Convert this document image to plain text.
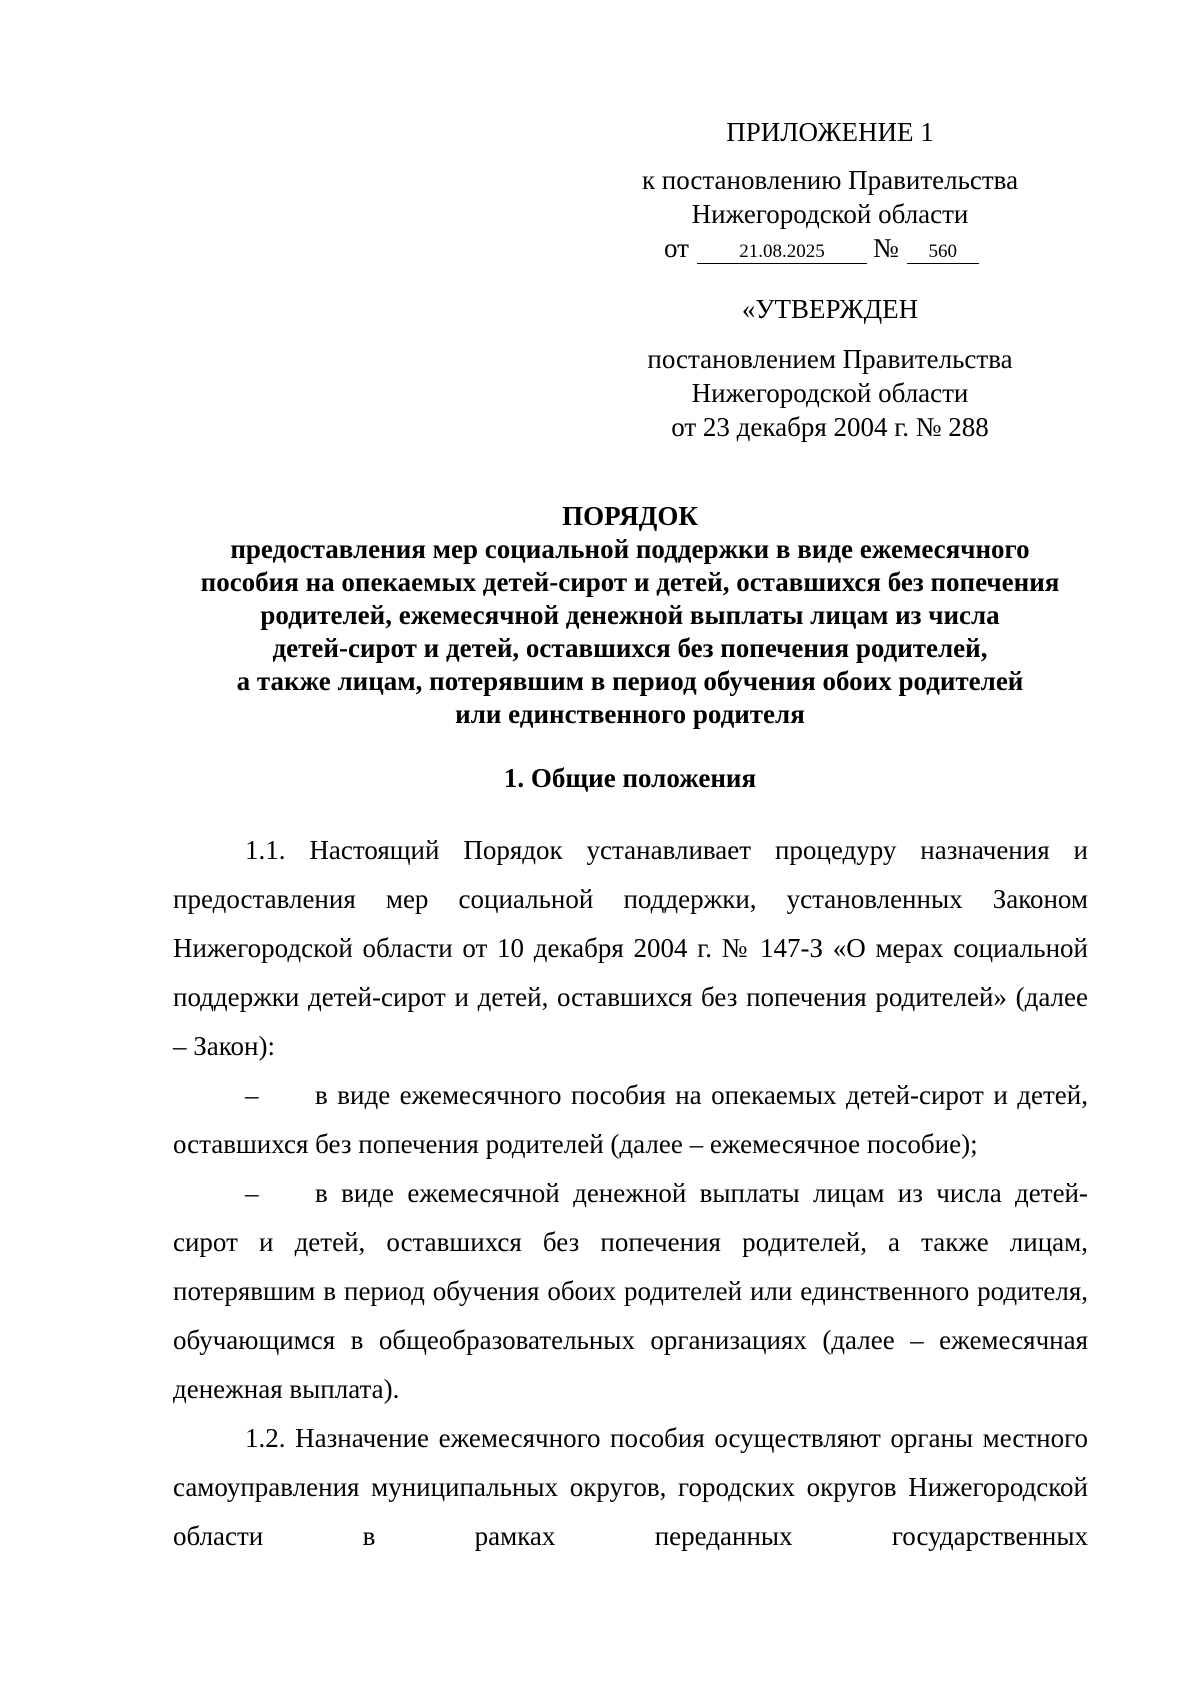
ПРИЛОЖЕНИЕ 1
к постановлению Правительства
Нижегородской области
от	21.08.2025 № 560
«УТВЕРЖДЕН
постановлением Правительства
Нижегородской области
от 23 декабря 2004 г. № 288
ПОРЯДОК
предоставления мер социальной поддержки в виде ежемесячного
пособия на опекаемых детей-сирот и детей, оставшихся без попечения
родителей, ежемесячной денежной выплаты лицам из числа
детей-сирот и детей, оставшихся без попечения родителей,
а также лицам, потерявшим в период обучения обоих родителей
или единственного родителя
1. Общие положения

1.1. Настоящий Порядок устанавливает процедуру назначения и предоставления мер социальной поддержки, установленных Законом Нижегородской области от 10 декабря 2004 г. № 147-З «О мерах социальной поддержки детей-сирот и детей, оставшихся без попечения родителей» (далее – Закон):

– в виде ежемесячного пособия на опекаемых детей-сирот и детей, оставшихся без попечения родителей (далее – ежемесячное пособие);

– в виде ежемесячной денежной выплаты лицам из числа детей-сирот и детей, оставшихся без попечения родителей, а также лицам, потерявшим в период обучения обоих родителей или единственного родителя, обучающимся в общеобразовательных организациях (далее – ежемесячная денежная выплата).

1.2. Назначение ежемесячного пособия осуществляют органы местного самоуправления муниципальных округов, городских округов Нижегородской области в рамках переданных государственных
